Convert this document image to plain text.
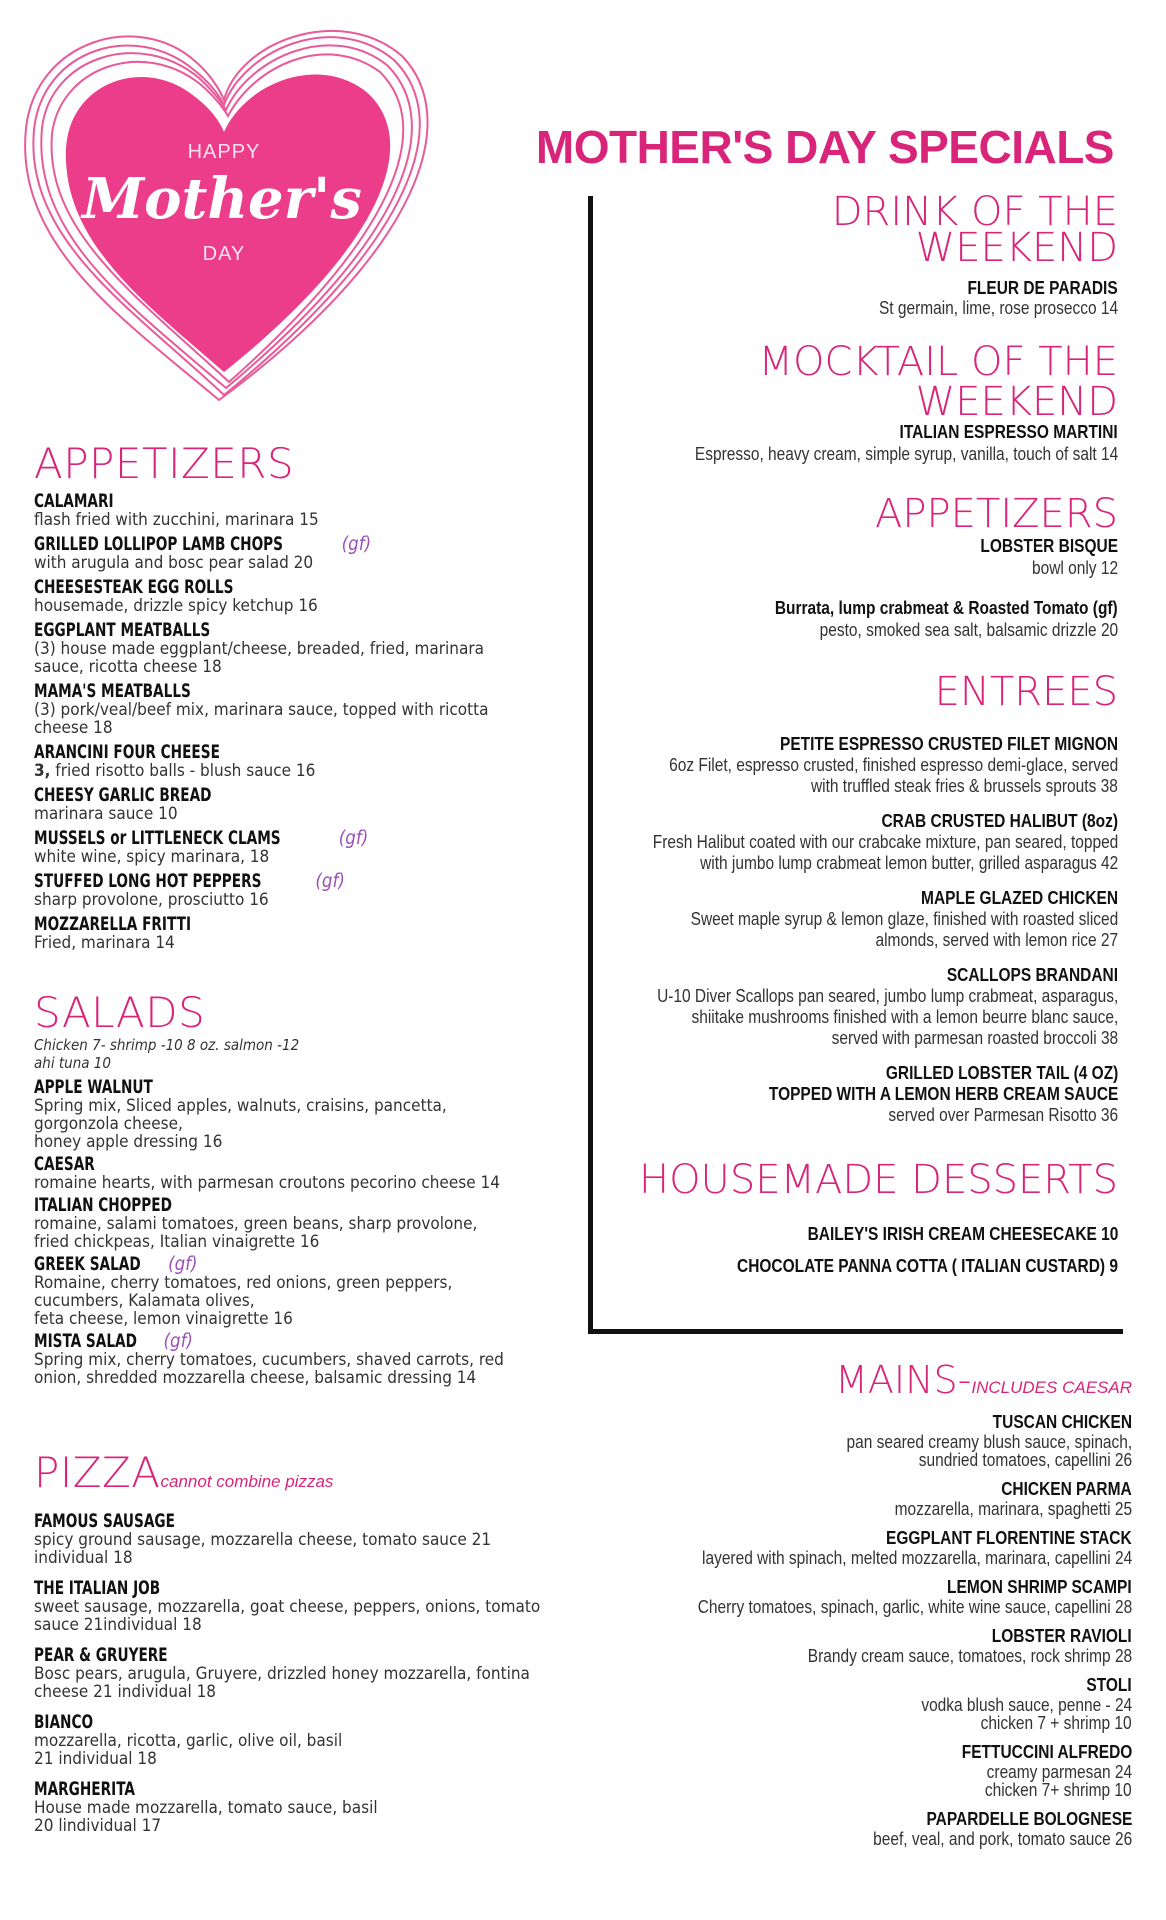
HAPPY
Mother's
DAY
APPETIZERS
CALAMARI
flash fried with zucchini, marinara 15
GRILLED LOLLIPOP LAMB CHOPS	(gf)
with arugula and bosc pear salad 20
CHEESESTEAK EGG ROLLS
housemade, drizzle spicy ketchup 16
EGGPLANT MEATBALLS
(3) house made eggplant/cheese, breaded, fried, marinara sauce, ricotta cheese 18
MAMA'S MEATBALLS
(3) pork/veal/beef mix, marinara sauce, topped with ricotta cheese 18
ARANCINI FOUR CHEESE
3, fried risotto balls - blush sauce 16
CHEESY GARLIC BREAD
marinara sauce 10
MUSSELS or LITTLENECK CLAMS	(gf)
white wine, spicy marinara, 18
STUFFED LONG HOT PEPPERS	(gf)
sharp provolone, prosciutto 16
MOZZARELLA FRITTI
Fried, marinara 14
SALADS
Chicken 7- shrimp -10 8 oz. salmon -12
ahi tuna 10
APPLE WALNUT
Spring mix, Sliced apples, walnuts, craisins, pancetta, gorgonzola cheese,
honey apple dressing 16
CAESAR
romaine hearts, with parmesan croutons pecorino cheese 14
ITALIAN CHOPPED
romaine, salami tomatoes, green beans, sharp provolone,
fried chickpeas, Italian vinaigrette 16
GREEK SALAD (gf)
Romaine, cherry tomatoes, red onions, green peppers, cucumbers, Kalamata olives,
feta cheese, lemon vinaigrette 16
MISTA SALAD (gf)
Spring mix, cherry tomatoes, cucumbers, shaved carrots, red onion, shredded mozzarella cheese, balsamic dressing 14
PIZZAcannot combine pizzas
FAMOUS SAUSAGE
spicy ground sausage, mozzarella cheese, tomato sauce 21 individual 18
THE ITALIAN JOB
sweet sausage, mozzarella, goat cheese, peppers, onions, tomato sauce 21individual 18
PEAR & GRUYERE
Bosc pears, arugula, Gruyere, drizzled honey mozzarella, fontina cheese 21 individual 18
BIANCO
mozzarella, ricotta, garlic, olive oil, basil
21 individual 18
MARGHERITA
House made mozzarella, tomato sauce, basil
20 lindividual 17
MOTHER'S DAY SPECIALS
DRINK OF THE
WEEKEND
FLEUR DE PARADIS
St germain, lime, rose prosecco 14
MOCKTAIL OF THE
WEEKEND
ITALIAN ESPRESSO MARTINI
Espresso, heavy cream, simple syrup, vanilla, touch of salt 14
APPETIZERS
LOBSTER BISQUE
bowl only 12
Burrata, lump crabmeat & Roasted Tomato (gf)
pesto, smoked sea salt, balsamic drizzle 20
ENTREES
PETITE ESPRESSO CRUSTED FILET MIGNON
6oz Filet, espresso crusted, finished espresso demi-glace, served
with truffled steak fries & brussels sprouts 38
CRAB CRUSTED HALIBUT (8oz)
Fresh Halibut coated with our crabcake mixture, pan seared, topped
with jumbo lump crabmeat lemon butter, grilled asparagus 42
MAPLE GLAZED CHICKEN
Sweet maple syrup & lemon glaze, finished with roasted sliced
almonds, served with lemon rice 27
SCALLOPS BRANDANI
U-10 Diver Scallops pan seared, jumbo lump crabmeat, asparagus,
shiitake mushrooms finished with a lemon beurre blanc sauce,
served with parmesan roasted broccoli 38
GRILLED LOBSTER TAIL (4 OZ)
TOPPED WITH A LEMON HERB CREAM SAUCE
served over Parmesan Risotto 36
HOUSEMADE DESSERTS
BAILEY'S IRISH CREAM CHEESECAKE 10
CHOCOLATE PANNA COTTA ( ITALIAN CUSTARD) 9
MAINS-INCLUDES CAESAR
TUSCAN CHICKEN
pan seared creamy blush sauce, spinach,
sundried tomatoes, capellini 26
CHICKEN PARMA
mozzarella, marinara, spaghetti 25
EGGPLANT FLORENTINE STACK
layered with spinach, melted mozzarella, marinara, capellini 24
LEMON SHRIMP SCAMPI
Cherry tomatoes, spinach, garlic, white wine sauce, capellini 28
LOBSTER RAVIOLI
Brandy cream sauce, tomatoes, rock shrimp 28
STOLI
vodka blush sauce, penne - 24
chicken 7 + shrimp 10
FETTUCCINI ALFREDO
creamy parmesan 24
chicken 7+ shrimp 10
PAPARDELLE BOLOGNESE
beef, veal, and pork, tomato sauce 26
